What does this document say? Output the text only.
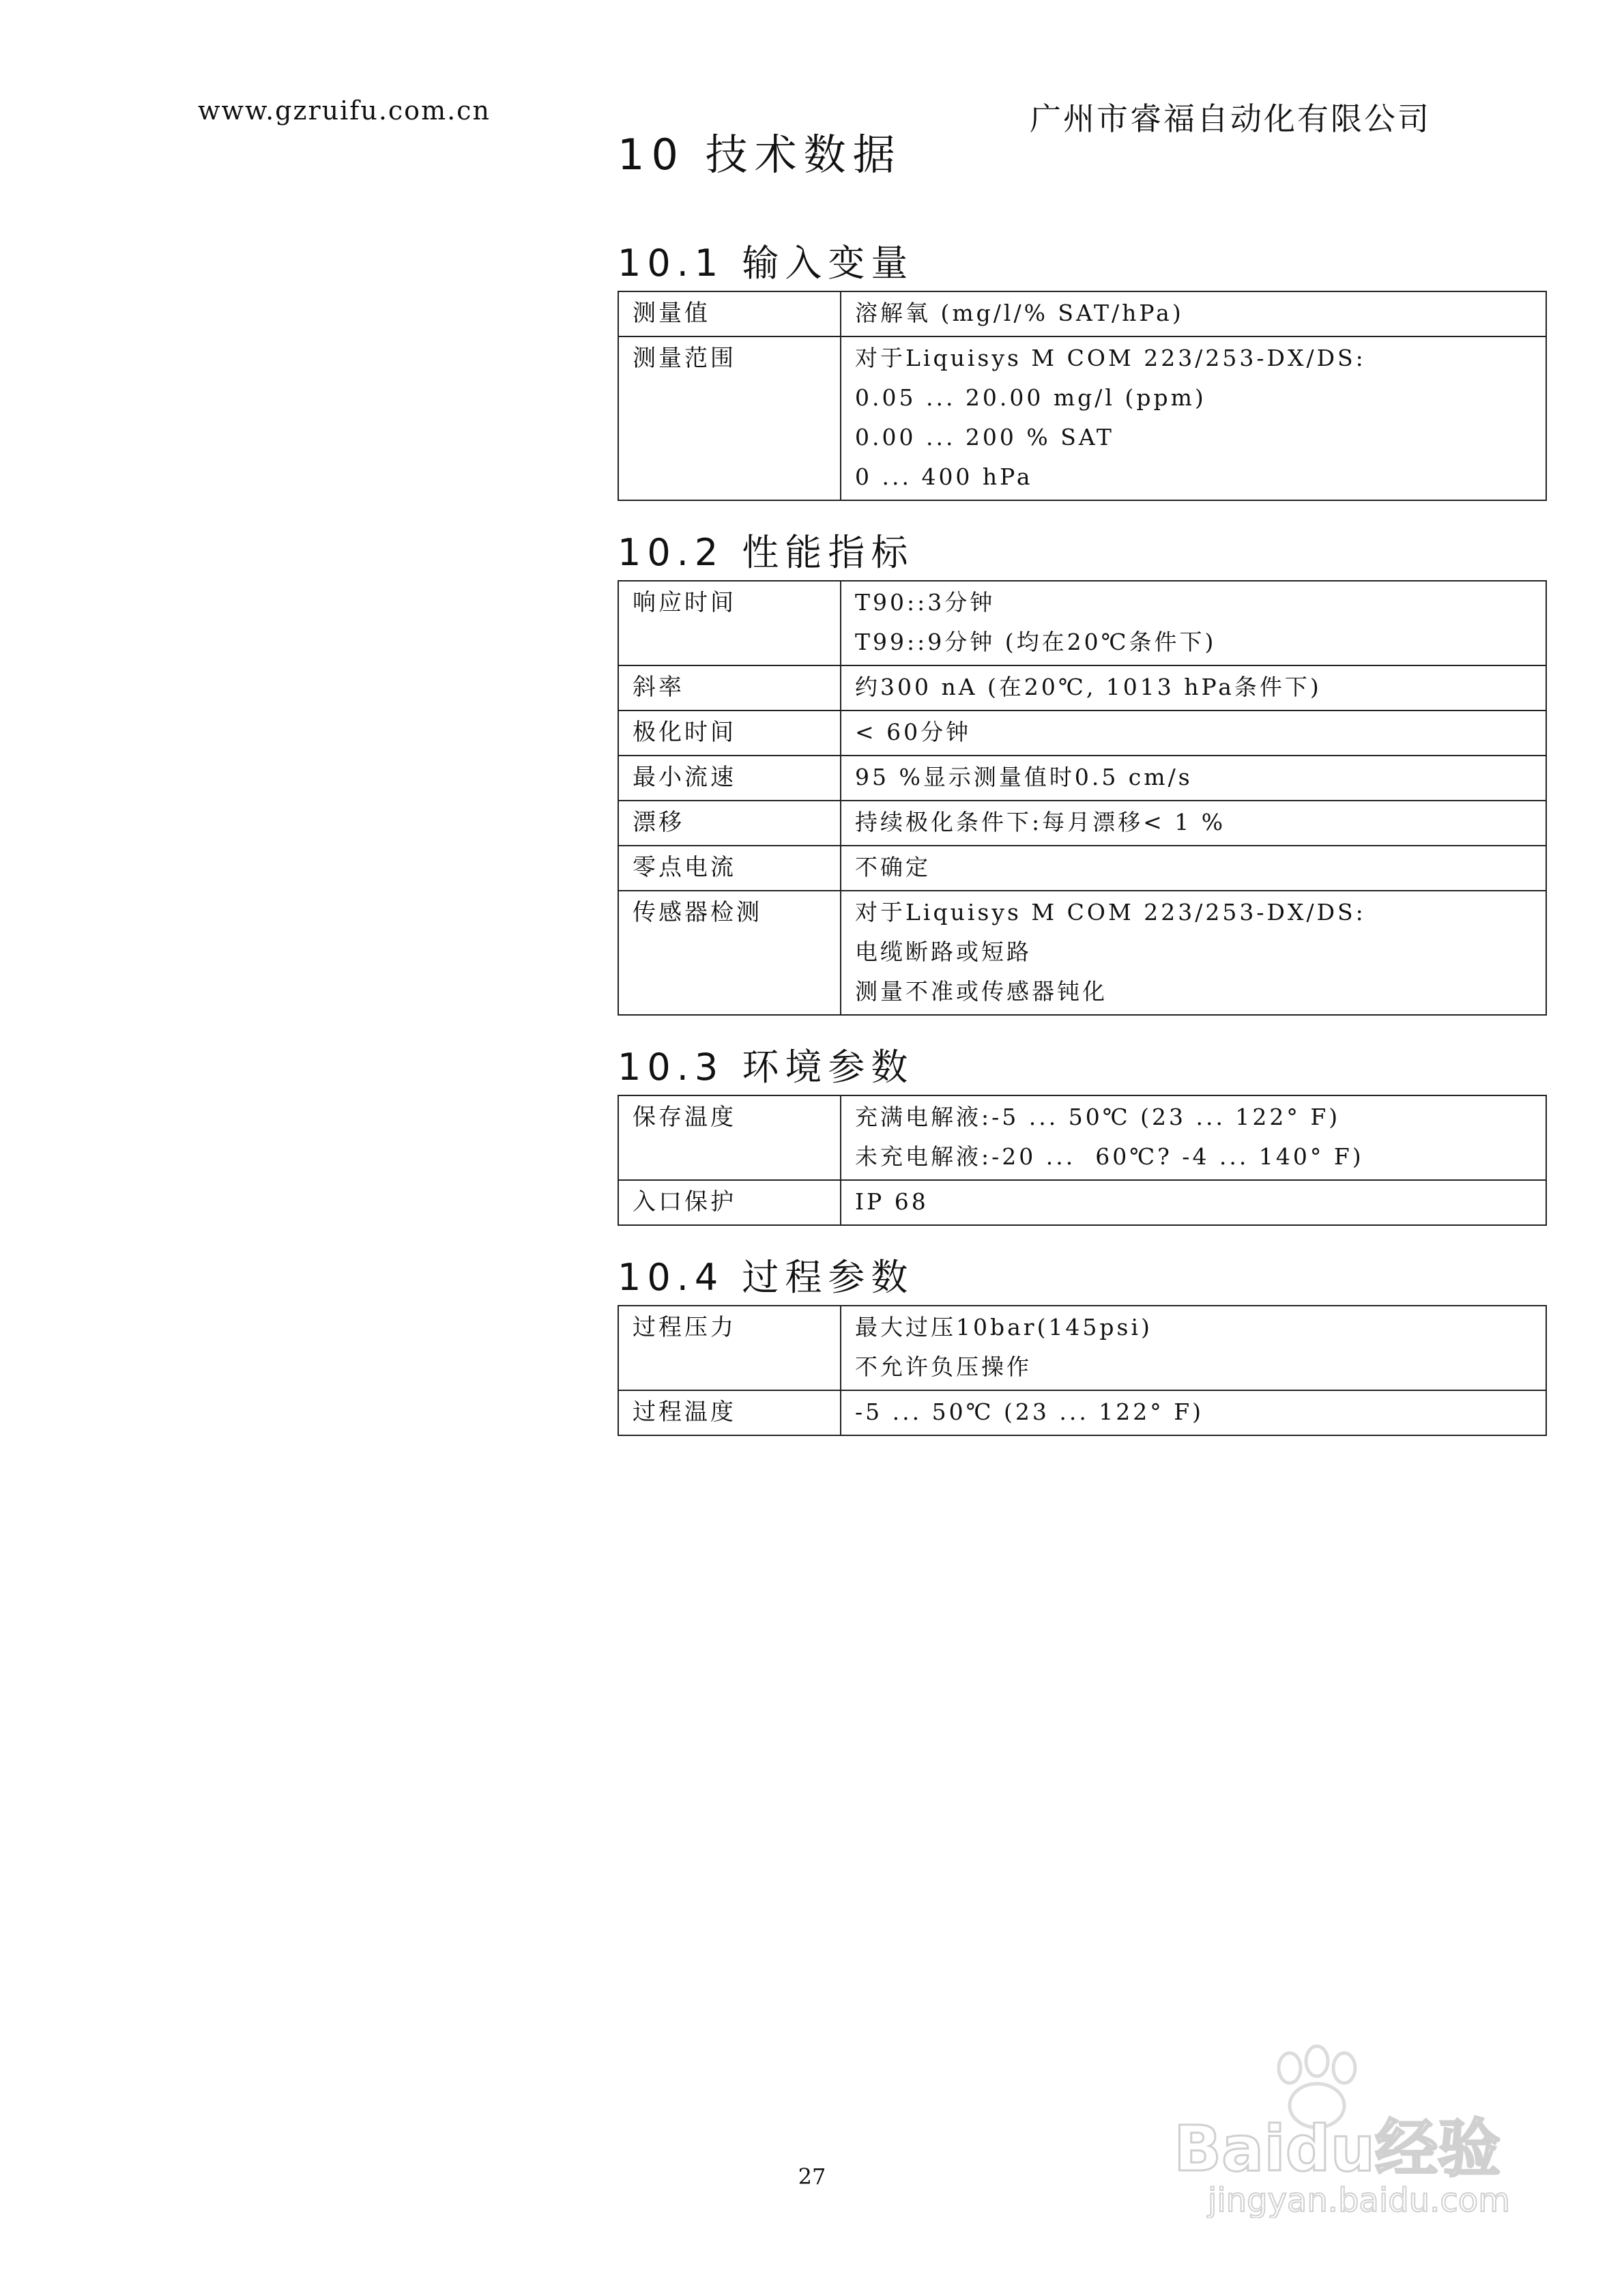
www.gzruifu.com.cn	广州市睿福自动化有限公司
10 技术数据
10.1 输入变量
测量值	溶解氧 (mg/l/% SAT/hPa)

测量范围	对于Liquisys M COM 223/253-DX/DS:
0.05 ... 20.00 mg/l (ppm)
0.00 ... 200 % SAT
0 ... 400 hPa
10.2 性能指标
响应时间	T90::3分钟
T99::9分钟 (均在20℃条件下)

斜率	约300 nA (在20℃, 1013 hPa条件下)

极化时间	< 60分钟

最小流速	95 %显示测量值时0.5 cm/s

漂移	持续极化条件下:每月漂移< 1 %

零点电流	不确定

传感器检测	对于Liquisys M COM 223/253-DX/DS:
电缆断路或短路
测量不准或传感器钝化
10.3 环境参数
保存温度	充满电解液:-5 ... 50℃ (23 ... 122° F)
未充电解液:-20 ...  60℃? -4 ... 140° F)

入口保护	IP 68
10.4 过程参数
过程压力	最大过压10bar(145psi)
不允许负压操作

过程温度	-5 ... 50℃ (23 ... 122° F)
27	Baidu经验
jingyan.baidu.com
